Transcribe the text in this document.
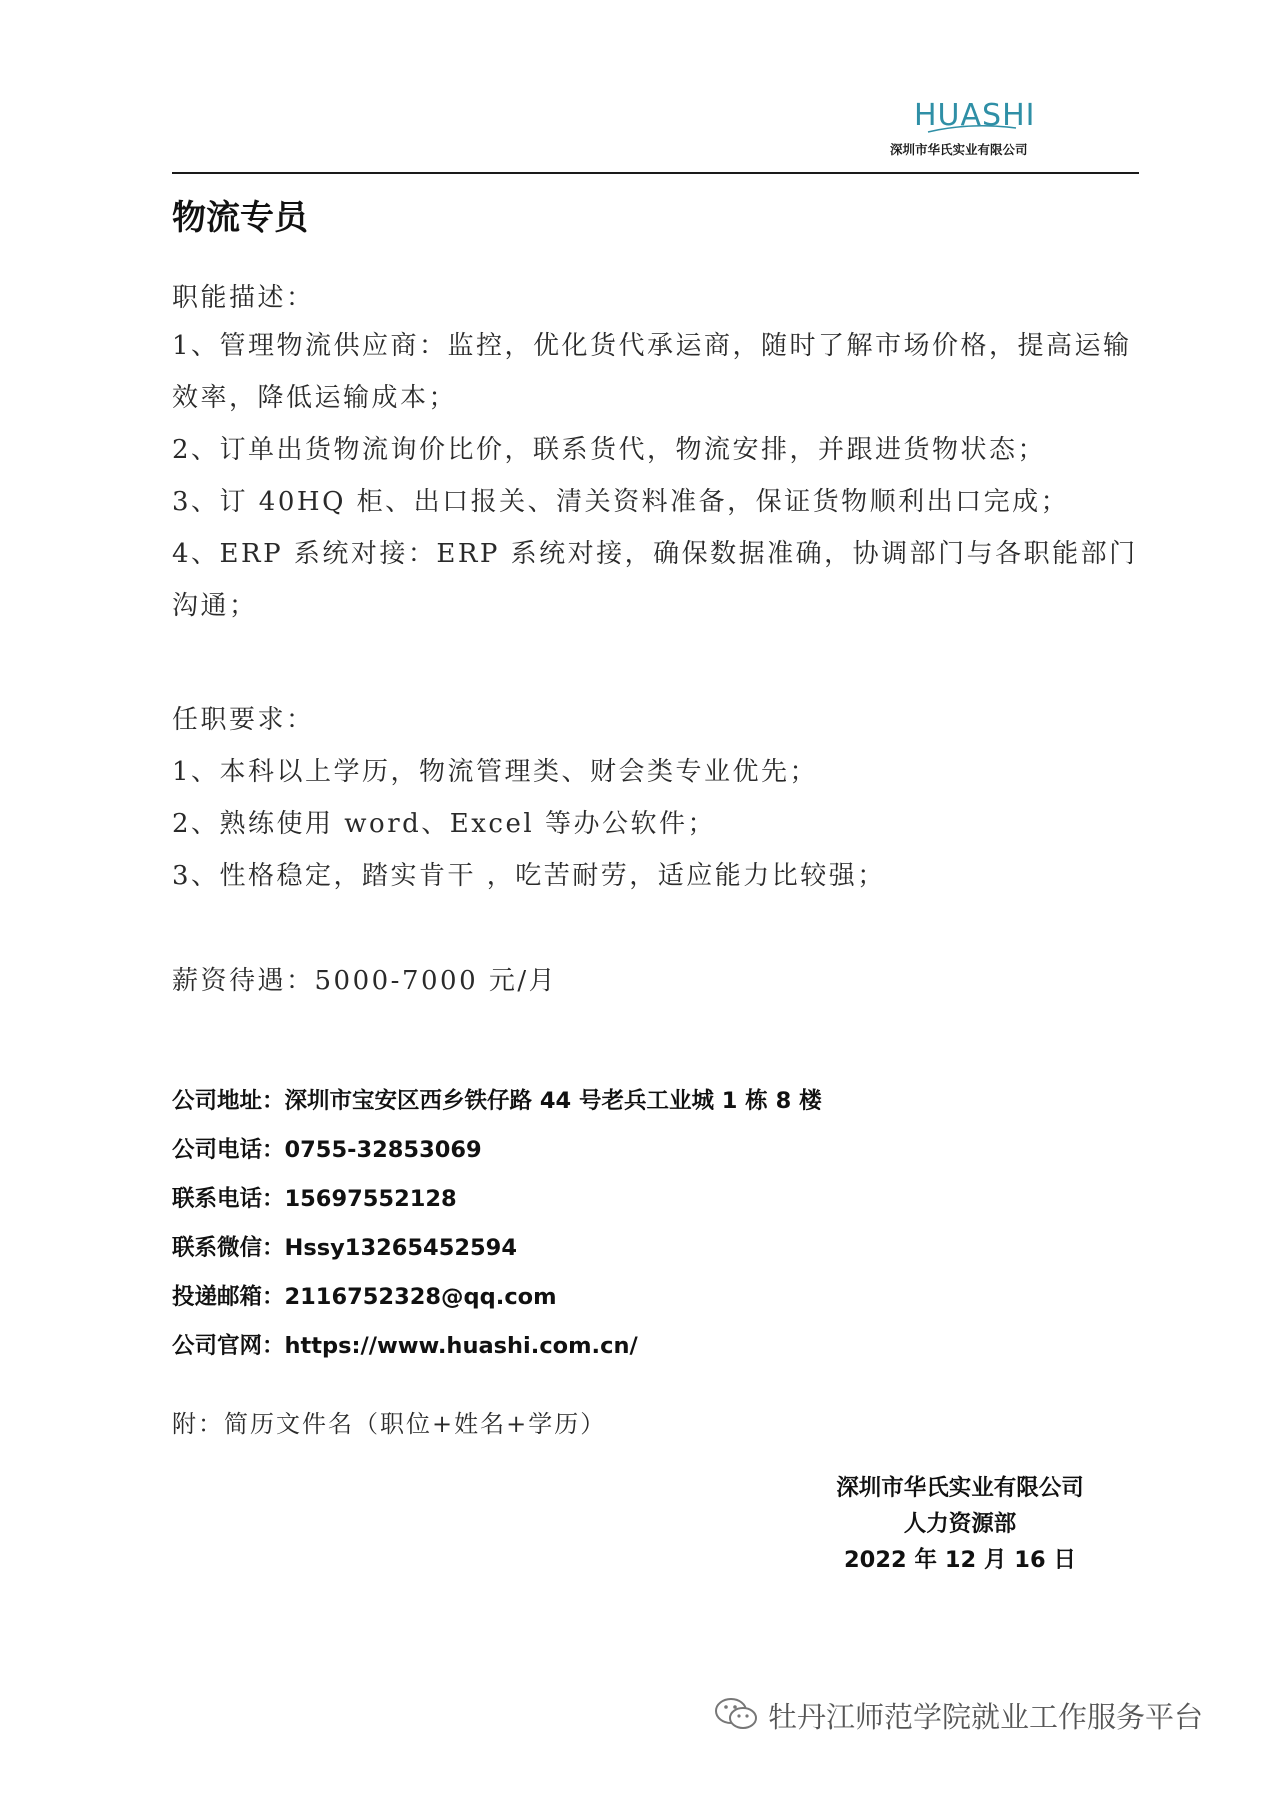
HUASHI
深圳市华氏实业有限公司
物流专员

职能描述：

1、管理物流供应商：监控，优化货代承运商，随时了解市场价格，提高运输效率，降低运输成本；

2、订单出货物流询价比价，联系货代，物流安排，并跟进货物状态；

3、订 40HQ 柜、出口报关、清关资料准备，保证货物顺利出口完成；

4、ERP 系统对接：ERP 系统对接，确保数据准确，协调部门与各职能部门沟通；

任职要求：

1、本科以上学历，物流管理类、财会类专业优先；

2、熟练使用 word、Excel 等办公软件；

3、性格稳定，踏实肯干 ，吃苦耐劳，适应能力比较强；

薪资待遇：5000-7000 元/月

公司地址：深圳市宝安区西乡铁仔路 44 号老兵工业城 1 栋 8 楼
公司电话：0755-32853069
联系电话：15697552128
联系微信：Hssy13265452594
投递邮箱：2116752328@qq.com
公司官网：https://www.huashi.com.cn/
附：简历文件名（职位+姓名+学历）
深圳市华氏实业有限公司
人力资源部
2022 年 12 月 16 日
牡丹江师范学院就业工作服务平台
